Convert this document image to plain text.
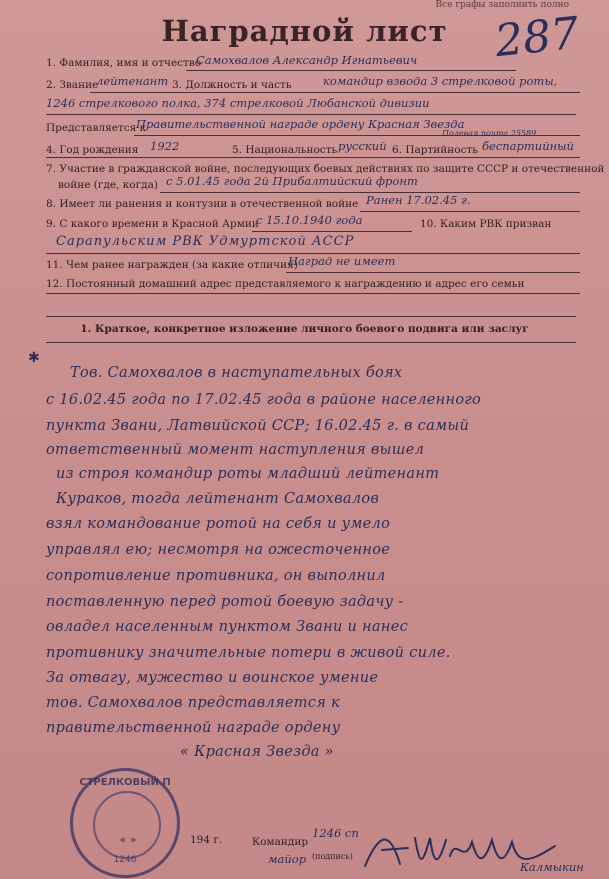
Все графы заполнить полно
Наградной лист	287
1. Фамилия, имя и отчество
Самохвалов Александр Игнатьевич
2. Звание
лейтенант 3. Должность и часть	командир взвода 3 стрелковой роты,
1246 стрелкового полка, 374 стрелковой Любанской дивизии
Представляется к
Правительственной награде ордену Красная Звезда
Полевая почта 25589
4. Год рождения 1922	5. Национальность русский 6. Партийность беспартийный
7. Участие в гражданской войне, последующих боевых действиях по защите СССР и отечественной
войне (где, когда) с 5.01.45 года 2й Прибалтийский фронт
8. Имеет ли ранения и контузии в отечественной войне Ранен 17.02.45 г.
9. С какого времени в Красной Армии
с 15.10.1940 года	10. Каким РВК призван
Сарапульским РВК Удмуртской АССР
11. Чем ранее награжден (за какие отличия)
Наград не имеет
12. Постоянный домашний адрес представляемого к награждению и адрес его семьи
1. Краткое, конкретное изложение личного боевого подвига или заслуг
✱
Тов. Самохвалов в наступательных боях
с 16.02.45 года по 17.02.45 года в районе населенного
пункта Звани, Латвийской ССР; 16.02.45 г. в самый
ответственный момент наступления вышел
из строя командир роты младший лейтенант
Кураков, тогда лейтенант Самохвалов
взял командование ротой на себя и умело
управлял ею; несмотря на ожесточенное
сопротивление противника, он выполнил
поставленную перед ротой боевую задачу -
овладел населенным пунктом Звани и нанес
противнику значительные потери в живой силе.
За отвагу, мужество и воинское умение
тов. Самохвалов представляется к
правительственной награде ордену
« Красная Звезда »
СТРЕЛКОВЫЙ П
1246
« »	194 г.	Командир
1246 сп
майор (подпись)
Калмыкин
